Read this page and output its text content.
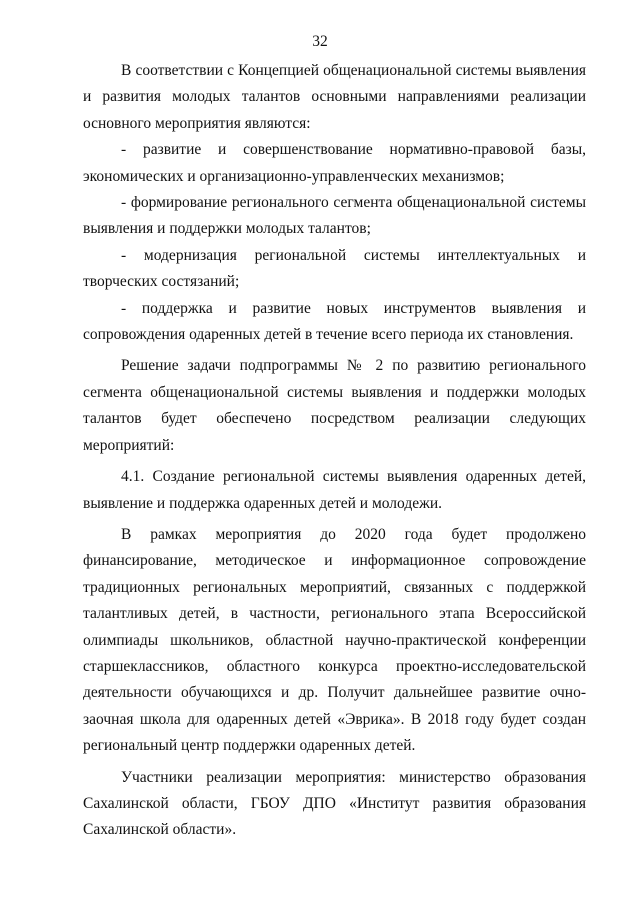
32

В соответствии с Концепцией общенациональной системы выявления и развития молодых талантов основными направлениями реализации основного мероприятия являются:

- развитие и совершенствование нормативно-правовой базы, экономических и организационно-управленческих механизмов;

- формирование регионального сегмента общенациональной системы выявления и поддержки молодых талантов;

- модернизация региональной системы интеллектуальных и творческих состязаний;

- поддержка и развитие новых инструментов выявления и сопровождения одаренных детей в течение всего периода их становления.

Решение задачи подпрограммы № 2 по развитию регионального сегмента общенациональной системы выявления и поддержки молодых талантов будет обеспечено посредством реализации следующих мероприятий:

4.1. Создание региональной системы выявления одаренных детей, выявление и поддержка одаренных детей и молодежи.

В рамках мероприятия до 2020 года будет продолжено финансирование, методическое и информационное сопровождение традиционных региональных мероприятий, связанных с поддержкой талантливых детей, в частности, регионального этапа Всероссийской олимпиады школьников, областной научно-практической конференции старшеклассников, областного конкурса проектно-исследовательской деятельности обучающихся и др. Получит дальнейшее развитие очно-заочная школа для одаренных детей «Эврика». В 2018 году будет создан региональный центр поддержки одаренных детей.

Участники реализации мероприятия: министерство образования Сахалинской области, ГБОУ ДПО «Институт развития образования Сахалинской области».
